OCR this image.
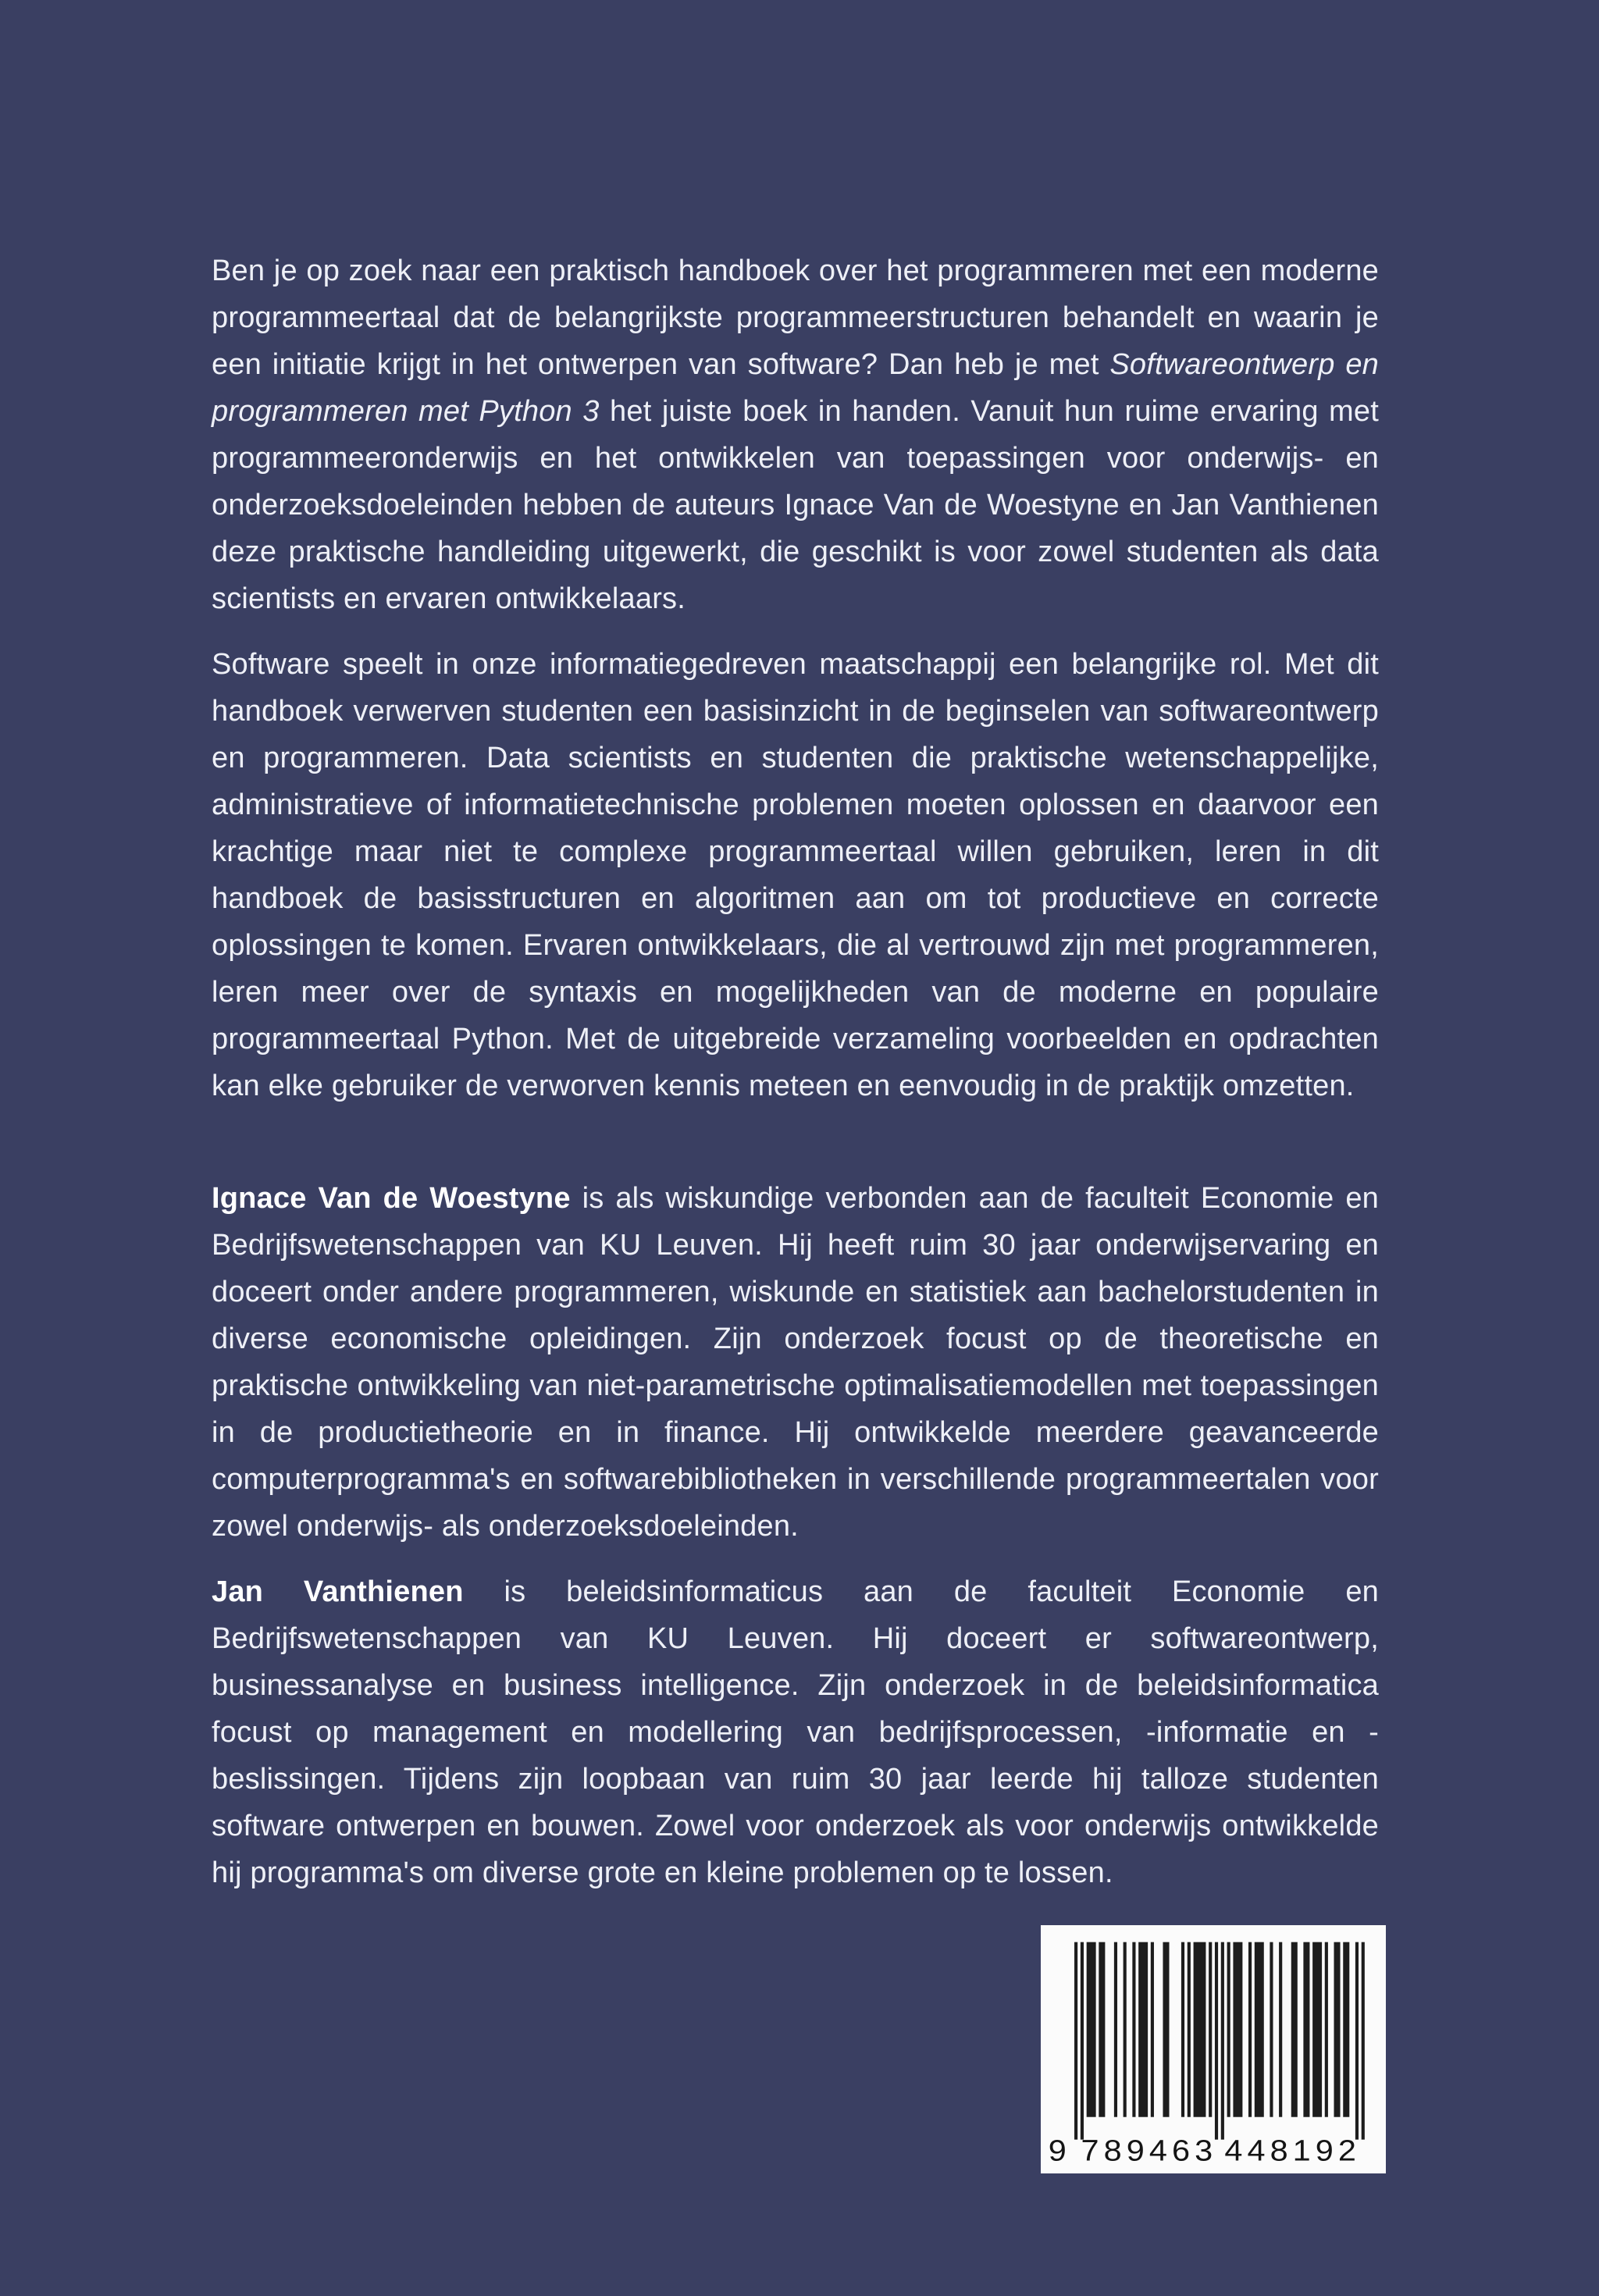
Ben je op zoek naar een praktisch handboek over het programmeren met een moderne programmeertaal dat de belangrijkste programmeerstructuren behandelt en waarin je een initiatie krijgt in het ontwerpen van software? Dan heb je met Softwareontwerp en programmeren met Python 3 het juiste boek in handen. Vanuit hun ruime ervaring met programmeeronderwijs en het ontwikkelen van toepassingen voor onderwijs- en onderzoeksdoeleinden hebben de auteurs Ignace Van de Woestyne en Jan Vanthienen deze praktische handleiding uitgewerkt, die geschikt is voor zowel studenten als data scientists en ervaren ontwikkelaars.

Software speelt in onze informatiegedreven maatschappij een belangrijke rol. Met dit handboek verwerven studenten een basisinzicht in de beginselen van softwareontwerp en programmeren. Data scientists en studenten die praktische wetenschappelijke, administratieve of informatietechnische problemen moeten oplossen en daarvoor een krachtige maar niet te complexe programmeertaal willen gebruiken, leren in dit handboek de basisstructuren en algoritmen aan om tot productieve en correcte oplossingen te komen. Ervaren ontwikkelaars, die al vertrouwd zijn met programmeren, leren meer over de syntaxis en mogelijkheden van de moderne en populaire programmeertaal Python. Met de uitgebreide verzameling voorbeelden en opdrachten kan elke gebruiker de verworven kennis meteen en eenvoudig in de praktijk omzetten.

Ignace Van de Woestyne is als wiskundige verbonden aan de faculteit Economie en Bedrijfswetenschappen van KU Leuven. Hij heeft ruim 30 jaar onderwijservaring en doceert onder andere programmeren, wiskunde en statistiek aan bachelorstudenten in diverse economische opleidingen. Zijn onderzoek focust op de theoretische en praktische ontwikkeling van niet-parametrische optimalisatiemodellen met toepassingen in de productietheorie en in finance. Hij ontwikkelde meerdere geavanceerde computerprogramma's en softwarebibliotheken in verschillende programmeertalen voor zowel onderwijs- als onderzoeksdoeleinden.

Jan Vanthienen is beleidsinformaticus aan de faculteit Economie en Bedrijfswetenschappen van KU Leuven. Hij doceert er softwareontwerp, businessanalyse en business intelligence. Zijn onderzoek in de beleidsinformatica focust op management en modellering van bedrijfsprocessen, -informatie en -beslissingen. Tijdens zijn loopbaan van ruim 30 jaar leerde hij talloze studenten software ontwerpen en bouwen. Zowel voor onderzoek als voor onderwijs ontwikkelde hij programma's om diverse grote en kleine problemen op te lossen.

9 789463 448192
